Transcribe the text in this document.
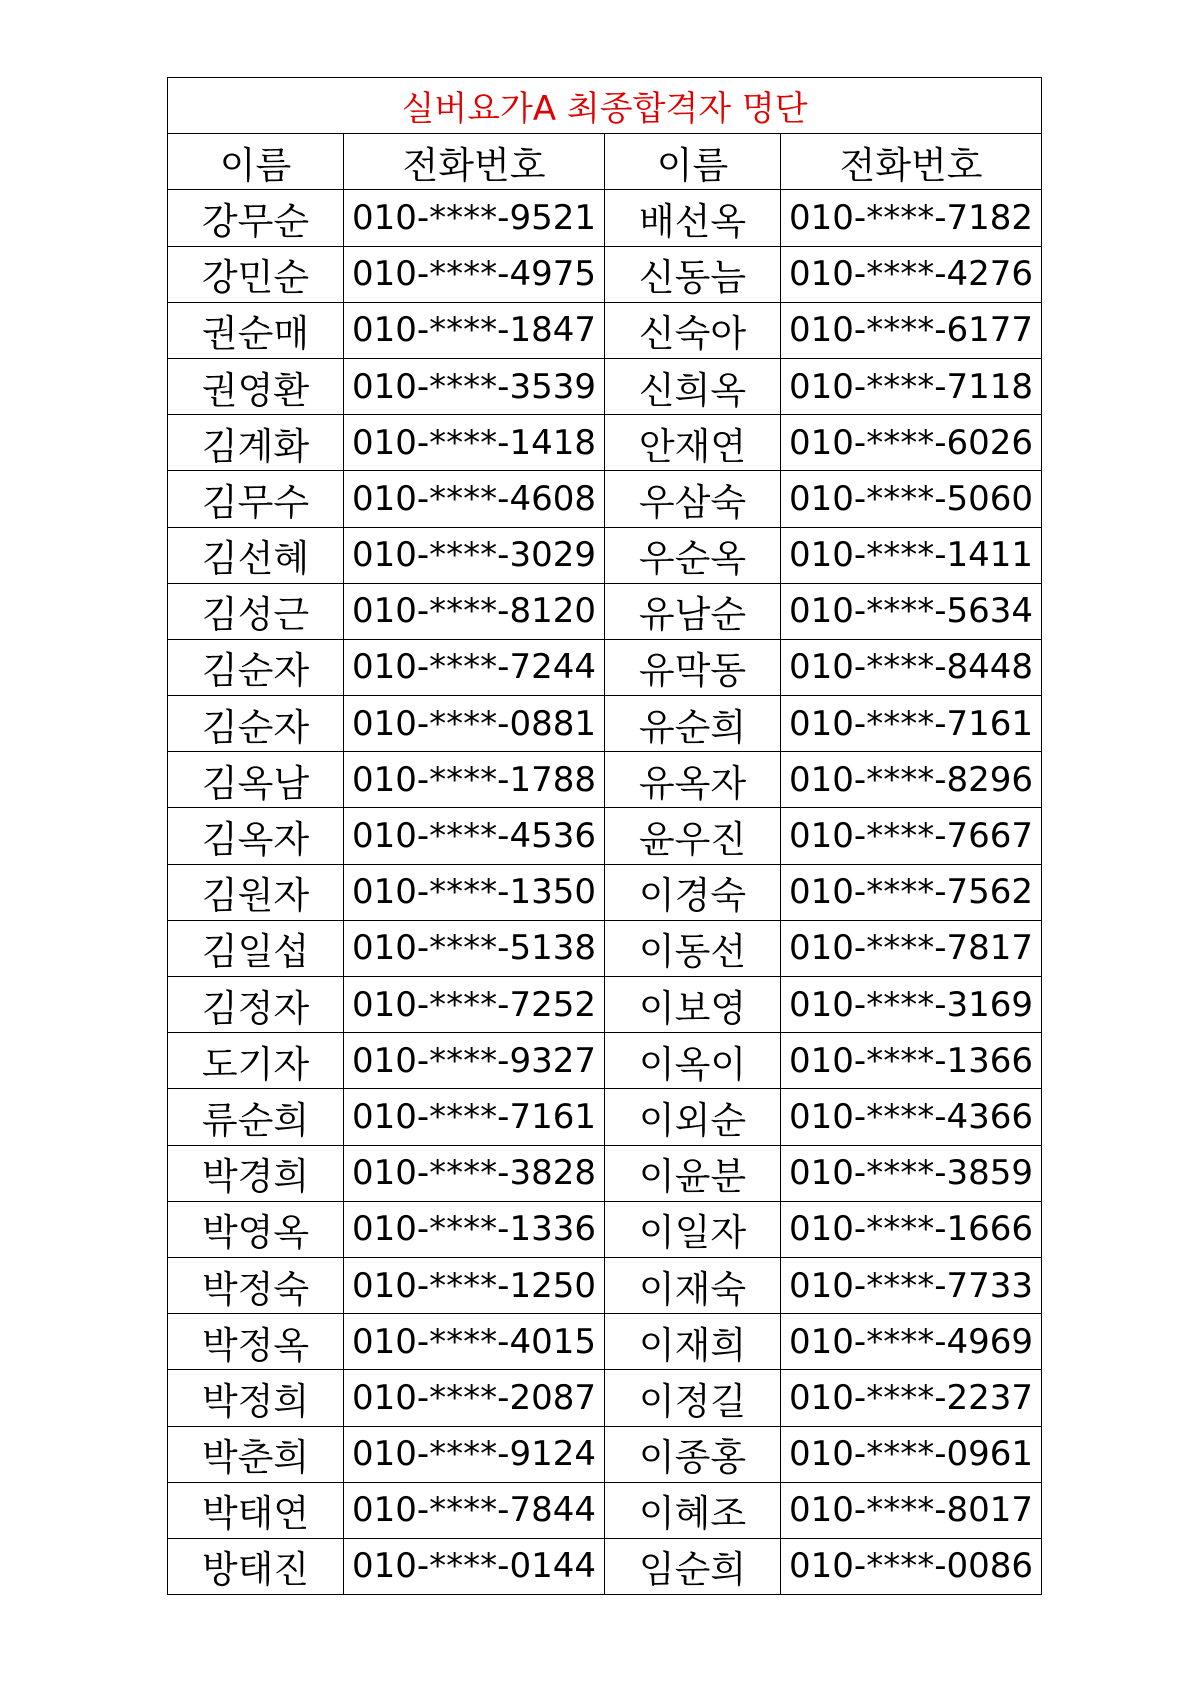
실버요가A 최종합격자 명단			
이름	전화번호	이름	전화번호
강무순	010-****-9521	배선옥	010-****-7182
강민순	010-****-4975	신동늠	010-****-4276
권순매	010-****-1847	신숙아	010-****-6177
권영환	010-****-3539	신희옥	010-****-7118
김계화	010-****-1418	안재연	010-****-6026
김무수	010-****-4608	우삼숙	010-****-5060
김선혜	010-****-3029	우순옥	010-****-1411
김성근	010-****-8120	유남순	010-****-5634
김순자	010-****-7244	유막동	010-****-8448
김순자	010-****-0881	유순희	010-****-7161
김옥남	010-****-1788	유옥자	010-****-8296
김옥자	010-****-4536	윤우진	010-****-7667
김원자	010-****-1350	이경숙	010-****-7562
김일섭	010-****-5138	이동선	010-****-7817
김정자	010-****-7252	이보영	010-****-3169
도기자	010-****-9327	이옥이	010-****-1366
류순희	010-****-7161	이외순	010-****-4366
박경희	010-****-3828	이윤분	010-****-3859
박영옥	010-****-1336	이일자	010-****-1666
박정숙	010-****-1250	이재숙	010-****-7733
박정옥	010-****-4015	이재희	010-****-4969
박정희	010-****-2087	이정길	010-****-2237
박춘희	010-****-9124	이종홍	010-****-0961
박태연	010-****-7844	이혜조	010-****-8017
방태진	010-****-0144	임순희	010-****-0086
